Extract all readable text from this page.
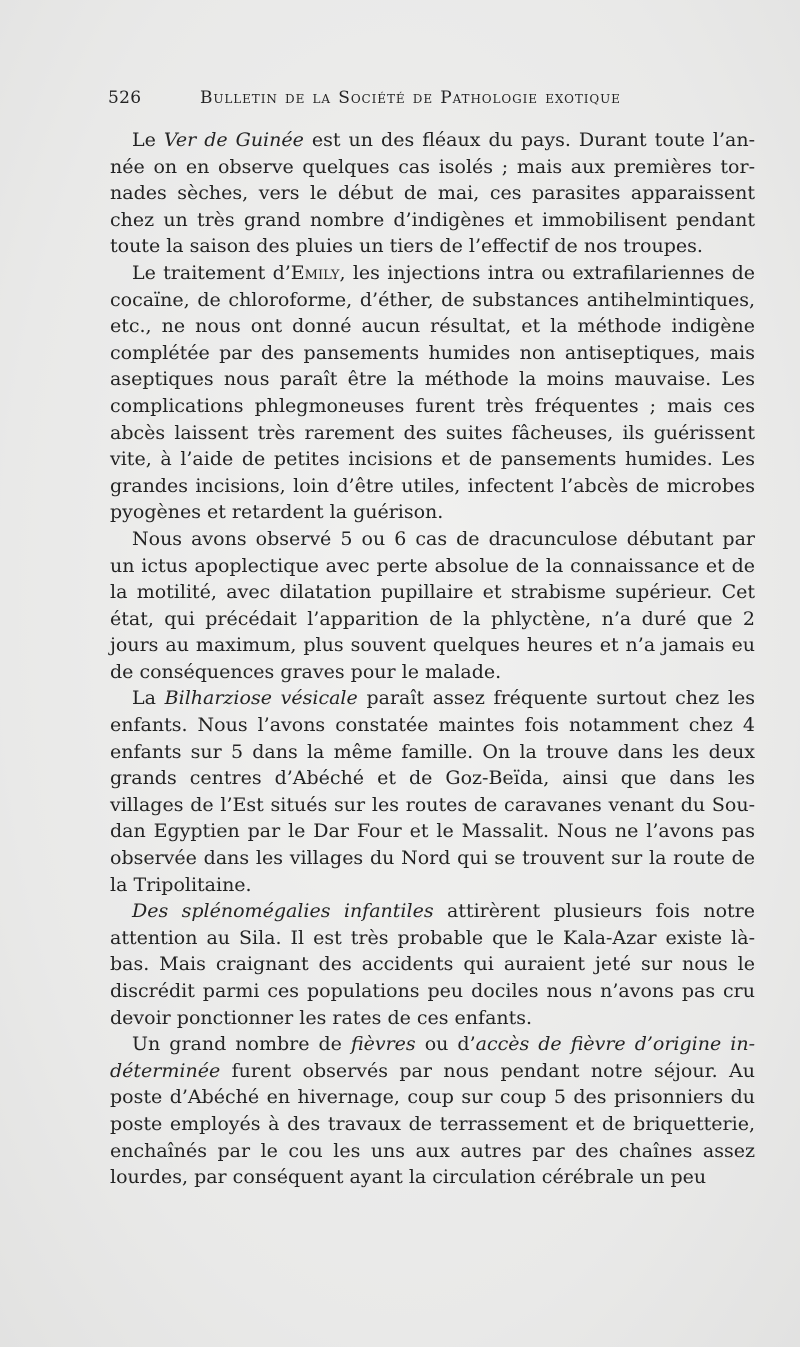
526	Bulletin de la Société de Pathologie exotique

Le Ver de Guinée est un des fléaux du pays. Durant toute l’année on en observe quelques cas isolés ; mais aux premières tornades sèches, vers le début de mai, ces parasites apparaissent chez un très grand nombre d’indigènes et immobilisent pendant toute la saison des pluies un tiers de l’effectif de nos troupes.

Le traitement d’Emily, les injections intra ou extrafilariennes de cocaïne, de chloroforme, d’éther, de substances antihelmintiques, etc., ne nous ont donné aucun résultat, et la méthode indigène complétée par des pansements humides non antiseptiques, mais aseptiques nous paraît être la méthode la moins mauvaise. Les complications phlegmoneuses furent très fréquentes ; mais ces abcès laissent très rarement des suites fâcheuses, ils guérissent vite, à l’aide de petites incisions et de pansements humides. Les grandes incisions, loin d’être utiles, infectent l’abcès de microbes pyogènes et retardent la guérison.

Nous avons observé 5 ou 6 cas de dracunculose débutant par un ictus apoplectique avec perte absolue de la connaissance et de la motilité, avec dilatation pupillaire et strabisme supérieur. Cet état, qui précédait l’apparition de la phlyctène, n’a duré que 2 jours au maximum, plus souvent quelques heures et n’a jamais eu de conséquences graves pour le malade.

La Bilharziose vésicale paraît assez fréquente surtout chez les enfants. Nous l’avons constatée maintes fois notamment chez 4 enfants sur 5 dans la même famille. On la trouve dans les deux grands centres d’Abéché et de Goz-Beïda, ainsi que dans les villages de l’Est situés sur les routes de caravanes venant du Soudan Egyptien par le Dar Four et le Massalit. Nous ne l’avons pas observée dans les villages du Nord qui se trouvent sur la route de la Tripolitaine.

Des splénomégalies infantiles attirèrent plusieurs fois notre attention au Sila. Il est très probable que le Kala-Azar existe là-bas. Mais craignant des accidents qui auraient jeté sur nous le discrédit parmi ces populations peu dociles nous n’avons pas cru devoir ponctionner les rates de ces enfants.

Un grand nombre de fièvres ou d’accès de fièvre d’origine indéterminée furent observés par nous pendant notre séjour. Au poste d’Abéché en hivernage, coup sur coup 5 des prisonniers du poste employés à des travaux de terrassement et de briquetterie, enchaînés par le cou les uns aux autres par des chaînes assez lourdes, par conséquent ayant la circulation cérébrale un peu
